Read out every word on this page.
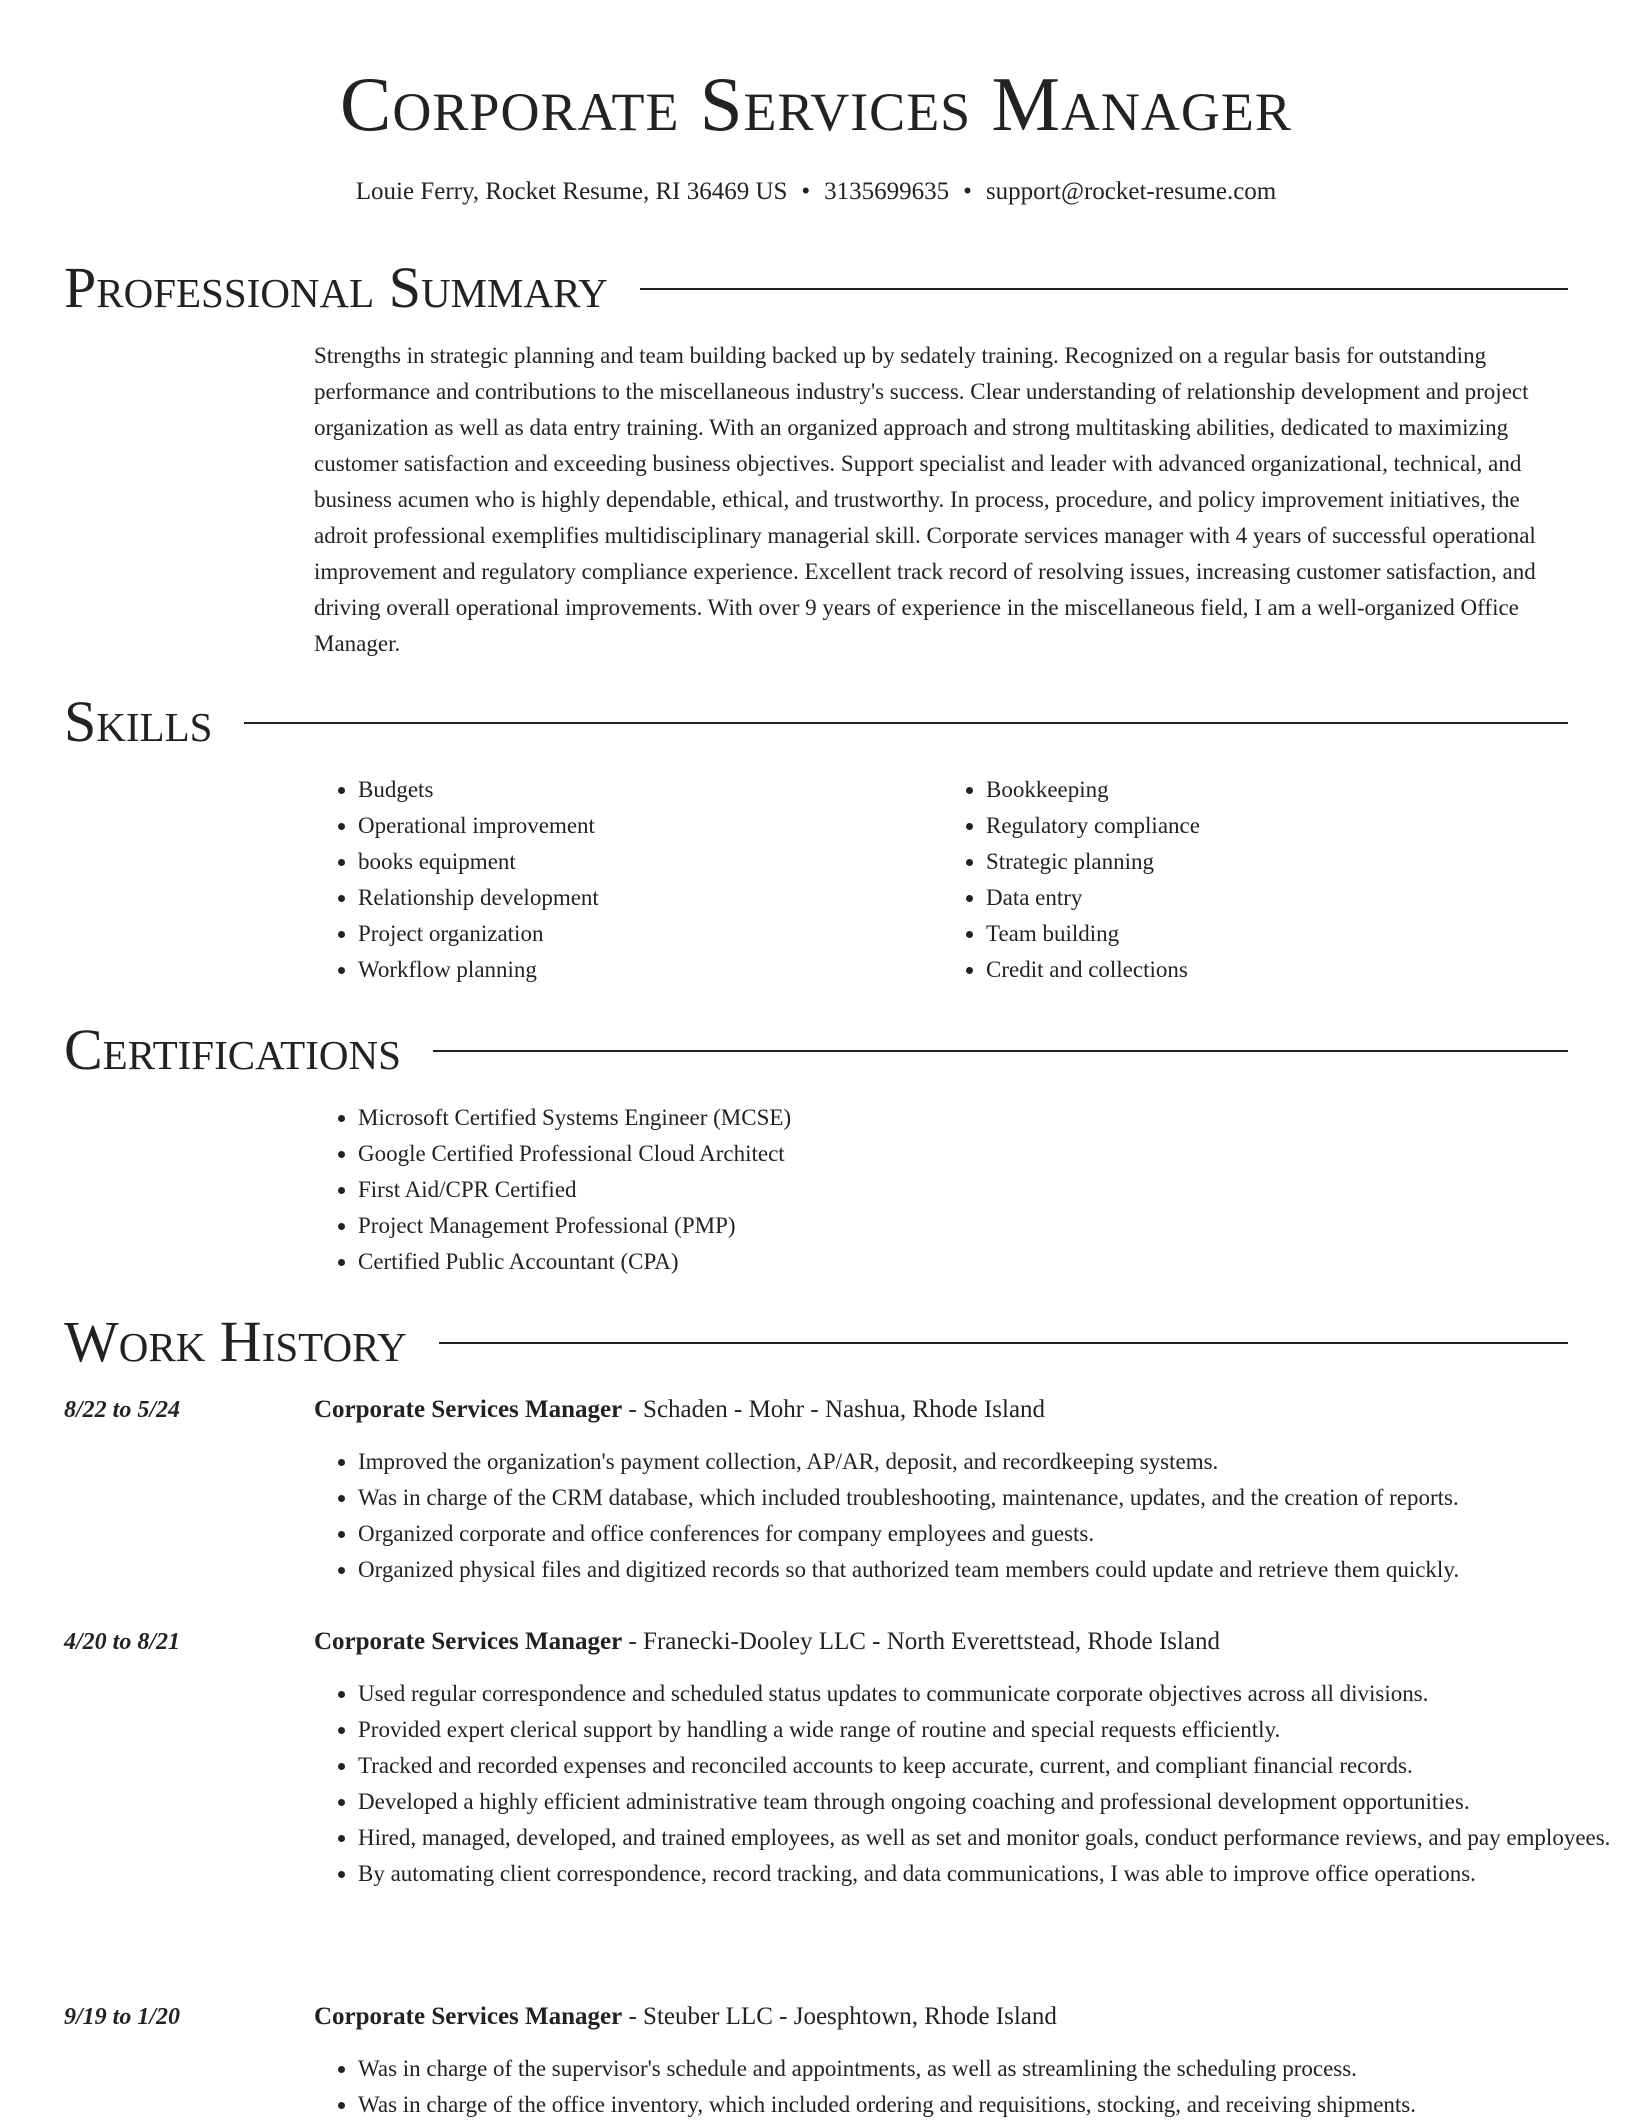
Corporate Services Manager
Louie Ferry, Rocket Resume, RI 36469 US • 3135699635 • support@rocket-resume.com
Professional Summary

Strengths in strategic planning and team building backed up by sedately training. Recognized on a regular basis for outstanding performance and contributions to the miscellaneous industry's success. Clear understanding of relationship development and project organization as well as data entry training. With an organized approach and strong multitasking abilities, dedicated to maximizing customer satisfaction and exceeding business objectives. Support specialist and leader with advanced organizational, technical, and business acumen who is highly dependable, ethical, and trustworthy. In process, procedure, and policy improvement initiatives, the adroit professional exemplifies multidisciplinary managerial skill. Corporate services manager with 4 years of successful operational improvement and regulatory compliance experience. Excellent track record of resolving issues, increasing customer satisfaction, and driving overall operational improvements. With over 9 years of experience in the miscellaneous field, I am a well-organized Office Manager.

Skills
• Budgets
• Operational improvement
• books equipment
• Relationship development
• Project organization
• Workflow planning
• Bookkeeping
• Regulatory compliance
• Strategic planning
• Data entry
• Team building
• Credit and collections
Certifications
• Microsoft Certified Systems Engineer (MCSE)
• Google Certified Professional Cloud Architect
• First Aid/CPR Certified
• Project Management Professional (PMP)
• Certified Public Accountant (CPA)
Work History
8/22 to 5/24	Corporate Services Manager - Schaden - Mohr - Nashua, Rhode Island
• Improved the organization's payment collection, AP/AR, deposit, and recordkeeping systems.
• Was in charge of the CRM database, which included troubleshooting, maintenance, updates, and the creation of reports.
• Organized corporate and office conferences for company employees and guests.
• Organized physical files and digitized records so that authorized team members could update and retrieve them quickly.
4/20 to 8/21	Corporate Services Manager - Franecki-Dooley LLC - North Everettstead, Rhode Island
• Used regular correspondence and scheduled status updates to communicate corporate objectives across all divisions.
• Provided expert clerical support by handling a wide range of routine and special requests efficiently.
• Tracked and recorded expenses and reconciled accounts to keep accurate, current, and compliant financial records.
• Developed a highly efficient administrative team through ongoing coaching and professional development opportunities.
• Hired, managed, developed, and trained employees, as well as set and monitor goals, conduct performance reviews, and pay employees.
• By automating client correspondence, record tracking, and data communications, I was able to improve office operations.
9/19 to 1/20	Corporate Services Manager - Steuber LLC - Joesphtown, Rhode Island
• Was in charge of the supervisor's schedule and appointments, as well as streamlining the scheduling process.
• Was in charge of the office inventory, which included ordering and requisitions, stocking, and receiving shipments.
